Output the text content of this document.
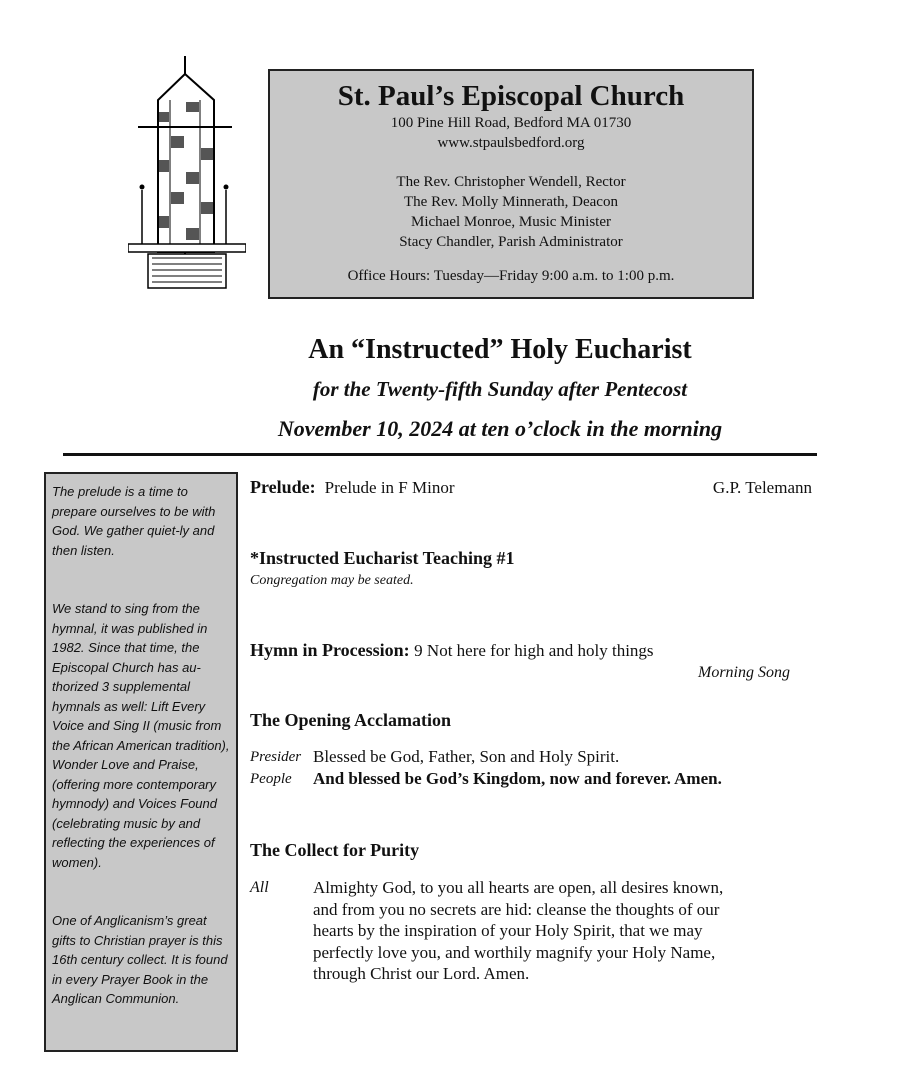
St. Paul’s Episcopal Church
100 Pine Hill Road, Bedford MA 01730
www.stpaulsbedford.org
The Rev. Christopher Wendell, Rector
The Rev. Molly Minnerath, Deacon
Michael Monroe, Music Minister
Stacy Chandler, Parish Administrator
Office Hours: Tuesday—Friday 9:00 a.m. to 1:00 p.m.
An “Instructed” Holy Eucharist
for the Twenty-fifth Sunday after Pentecost
November 10, 2024 at ten o’clock in the morning

The prelude is a time to prepare ourselves to be with God. We gather quiet-ly and then listen.

We stand to sing from the hymnal, it was published in 1982. Since that time, the Episcopal Church has au-thorized 3 supplemental hymnals as well: Lift Every Voice and Sing II (music from the African American tradition), Wonder Love and Praise, (offering more contemporary hymnody) and Voices Found (celebrating music by and reflecting the experiences of women).

One of Anglicanism’s great gifts to Christian prayer is this 16th century collect. It is found in every Prayer Book in the Anglican Communion.

Prelude: Prelude in F Minor	G.P. Telemann
*Instructed Eucharist Teaching #1
Congregation may be seated.
Hymn in Procession: 9 Not here for high and holy things
Morning Song
The Opening Acclamation
Presider Blessed be God, Father, Son and Holy Spirit.
People And blessed be God’s Kingdom, now and forever. Amen.
The Collect for Purity
All	Almighty God, to you all hearts are open, all desires known,
and from you no secrets are hid: cleanse the thoughts of our
hearts by the inspiration of your Holy Spirit, that we may
perfectly love you, and worthily magnify your Holy Name,
through Christ our Lord. Amen.
